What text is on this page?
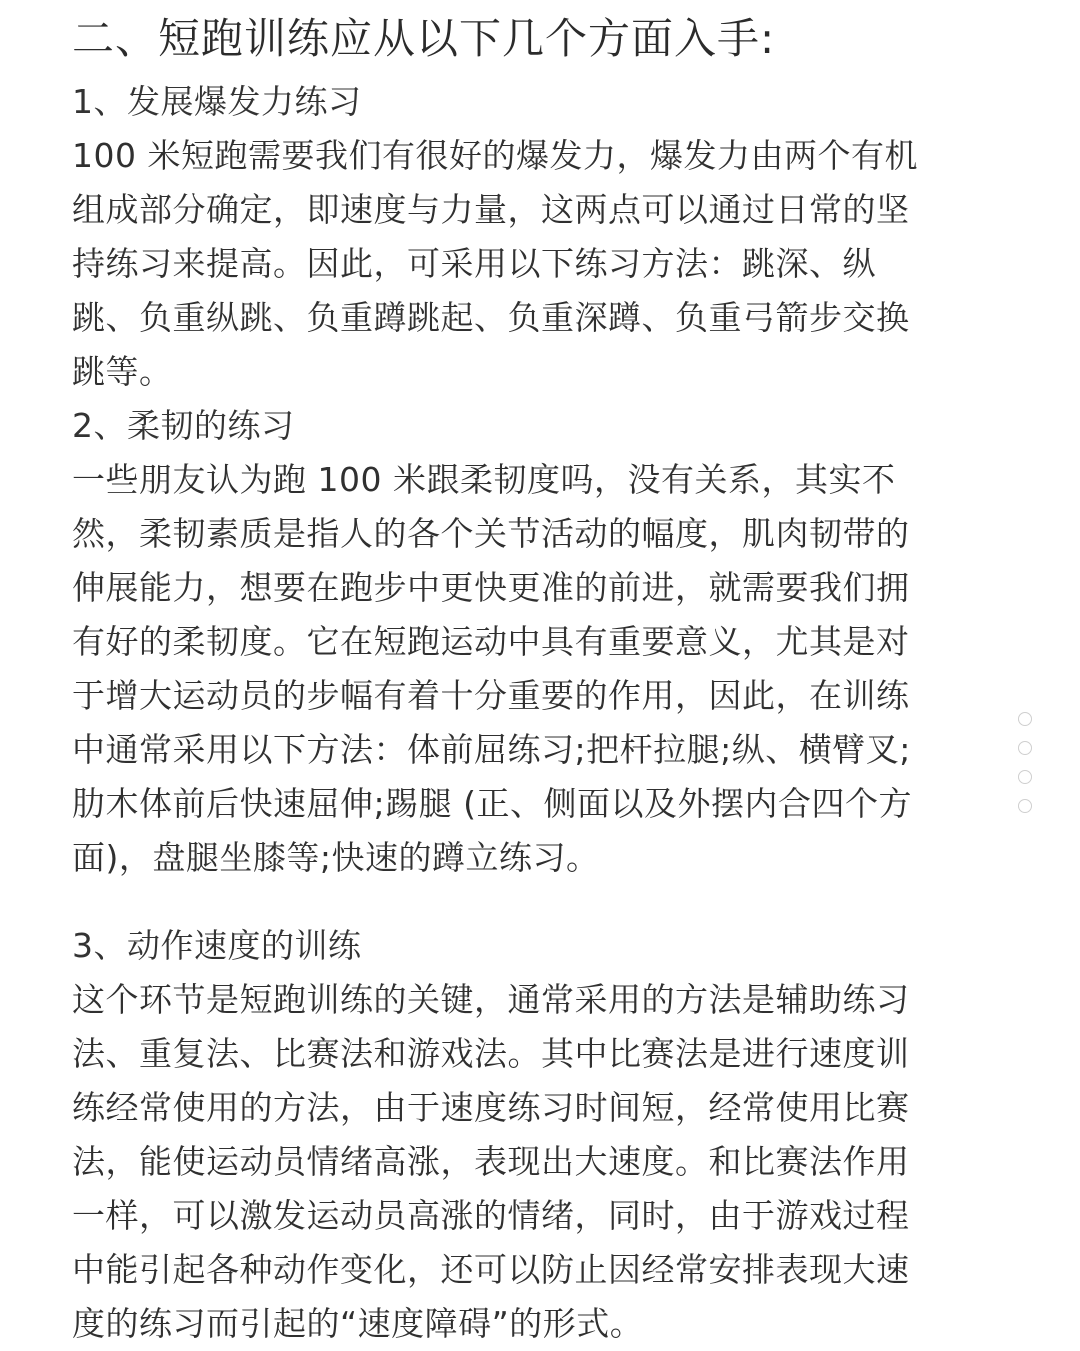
二、短跑训练应从以下几个方面入手:
1、发展爆发力练习
100 米短跑需要我们有很好的爆发力，爆发力由两个有机
组成部分确定，即速度与力量，这两点可以通过日常的坚
持练习来提高。因此，可采用以下练习方法：跳深、纵
跳、负重纵跳、负重蹲跳起、负重深蹲、负重弓箭步交换
跳等。
2、柔韧的练习
一些朋友认为跑 100 米跟柔韧度吗，没有关系，其实不
然，柔韧素质是指人的各个关节活动的幅度，肌肉韧带的
伸展能力，想要在跑步中更快更准的前进，就需要我们拥
有好的柔韧度。它在短跑运动中具有重要意义，尤其是对
于增大运动员的步幅有着十分重要的作用，因此，在训练
中通常采用以下方法：体前屈练习;把杆拉腿;纵、横臂叉;
肋木体前后快速屈伸;踢腿 (正、侧面以及外摆内合四个方
面)，盘腿坐膝等;快速的蹲立练习。
3、动作速度的训练
这个环节是短跑训练的关键，通常采用的方法是辅助练习
法、重复法、比赛法和游戏法。其中比赛法是进行速度训
练经常使用的方法，由于速度练习时间短，经常使用比赛
法，能使运动员情绪高涨，表现出大速度。和比赛法作用
一样，可以激发运动员高涨的情绪，同时，由于游戏过程
中能引起各种动作变化，还可以防止因经常安排表现大速
度的练习而引起的“速度障碍”的形式。
